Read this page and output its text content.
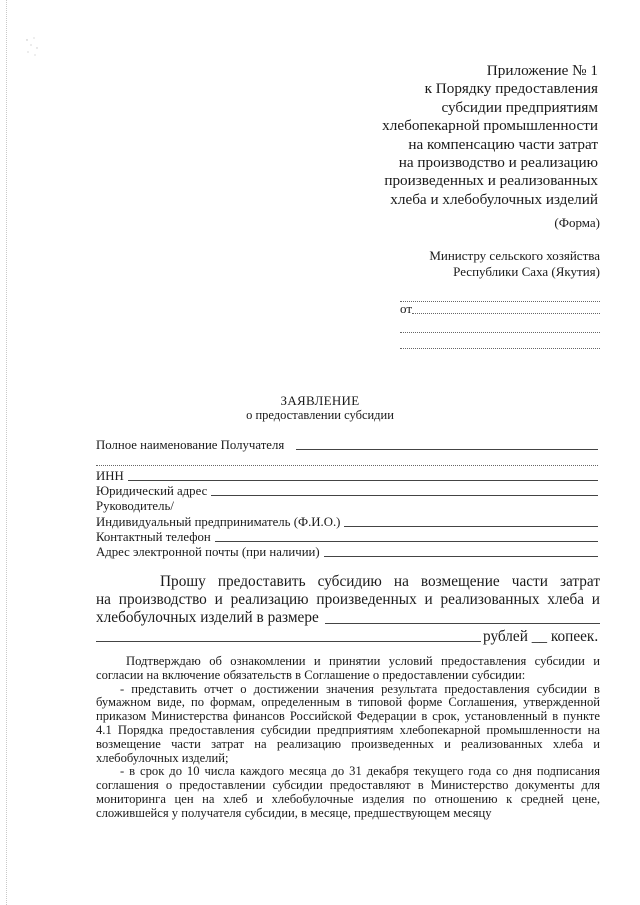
Приложение № 1
к Порядку предоставления
субсидии предприятиям
хлебопекарной промышленности
на компенсацию части затрат
на производство и реализацию
произведенных и реализованных
хлеба и хлебобулочных изделий
(Форма)
Министру сельского хозяйства
Республики Саха (Якутия)
от
ЗАЯВЛЕНИЕ
о предоставлении субсидии
Полное наименование Получателя
ИНН
Юридический адрес
Руководитель/
Индивидуальный предприниматель (Ф.И.О.)
Контактный телефон
Адрес электронной почты (при наличии)
Прошу предоставить субсидию на возмещение части затрат
на производство и реализацию произведенных и реализованных хлеба и
хлебобулочных изделий в размере
рублей __ копеек.

Подтверждаю об ознакомлении и принятии условий предоставления субсидии и согласии на включение обязательств в Соглашение о предоставлении субсидии:

- представить отчет о достижении значения результата предоставления субсидии в бумажном виде, по формам, определенным в типовой форме Соглашения, утвержденной приказом Министерства финансов Российской Федерации в срок, установленный в пункте 4.1 Порядка предоставления субсидии предприятиям хлебопекарной промышленности на возмещение части затрат на реализацию произведенных и реализованных хлеба и хлебобулочных изделий;

- в срок до 10 числа каждого месяца до 31 декабря текущего года со дня подписания соглашения о предоставлении субсидии предоставляют в Министерство документы для мониторинга цен на хлеб и хлебобулочные изделия по отношению к средней цене, сложившейся у получателя субсидии, в месяце, предшествующем месяцу
